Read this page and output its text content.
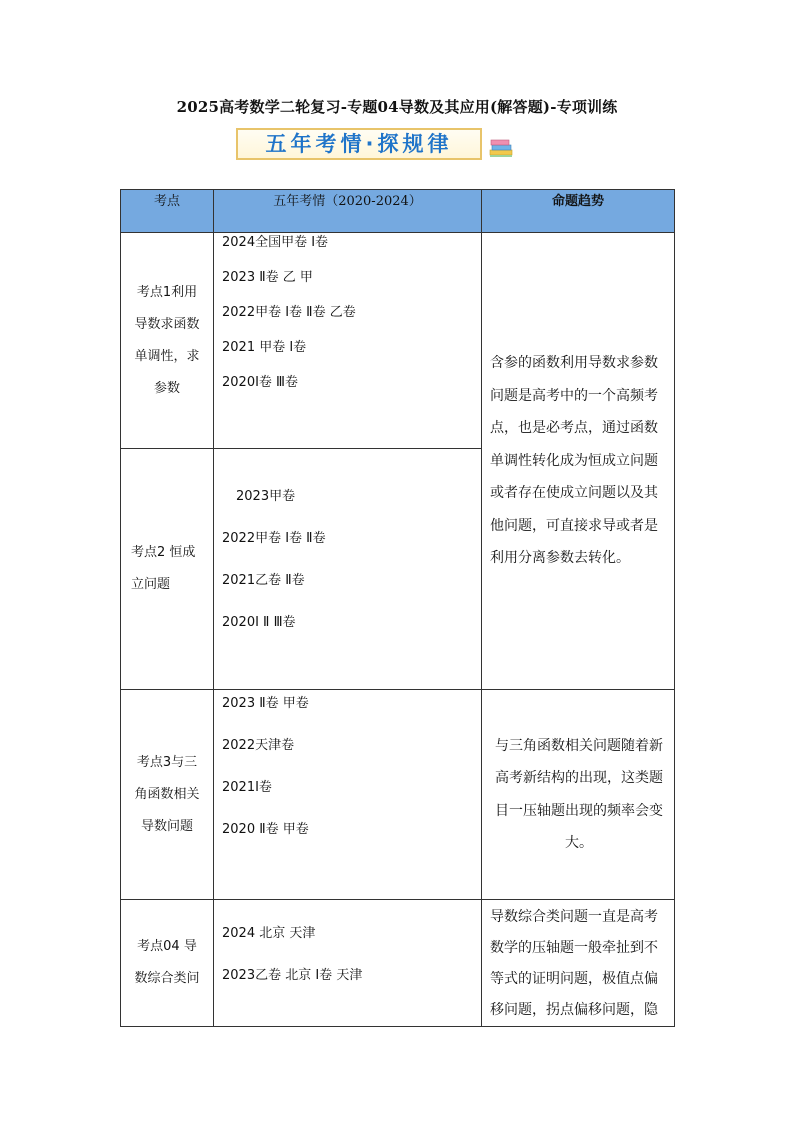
2025高考数学二轮复习-专题04导数及其应用(解答题)-专项训练
五年考情·探规律
考点	五年考情（2020-2024）	命题趋势
考点1利用导数求函数单调性，求参数	2024全国甲卷 Ⅰ卷
2023 Ⅱ卷 乙 甲
2022甲卷 Ⅰ卷 Ⅱ卷 乙卷
2021 甲卷 Ⅰ卷
2020Ⅰ卷 Ⅲ卷	含参的函数利用导数求参数问题是高考中的一个高频考点，也是必考点，通过函数单调性转化成为恒成立问题或者存在使成立问题以及其他问题，可直接求导或者是利用分离参数去转化。
考点2 恒成立问题	2023甲卷
2022甲卷 Ⅰ卷 Ⅱ卷
2021乙卷 Ⅱ卷
2020Ⅰ Ⅱ Ⅲ卷	

考点3与三角函数相关导数问题	2023 Ⅱ卷 甲卷
2022天津卷
2021Ⅰ卷
2020 Ⅱ卷 甲卷	与三角函数相关问题随着新高考新结构的出现，这类题目一压轴题出现的频率会变大。
考点04 导数综合类问	2024 北京 天津
2023乙卷 北京 Ⅰ卷 天津	导数综合类问题一直是高考数学的压轴题一般牵扯到不等式的证明问题，极值点偏移问题，拐点偏移问题，隐
